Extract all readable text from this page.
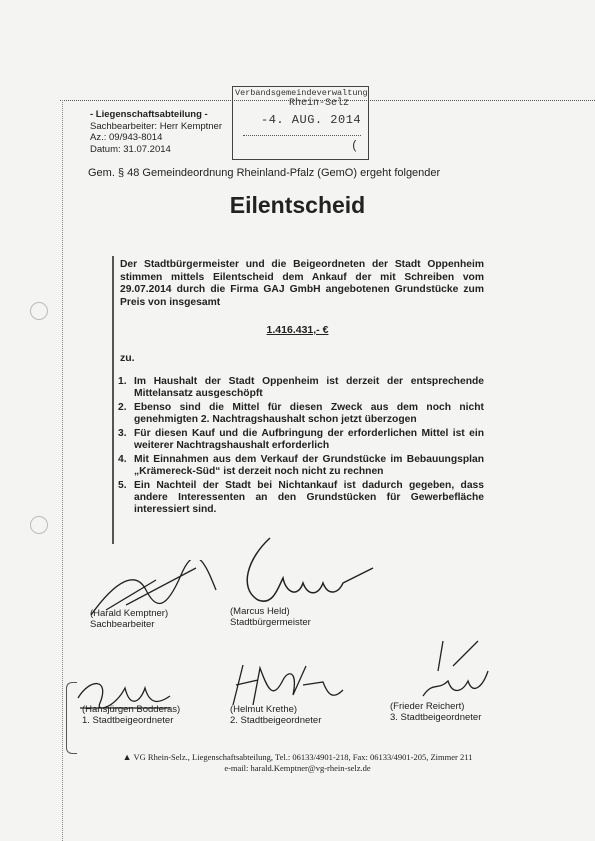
- Liegenschaftsabteilung -
Sachbearbeiter: Herr Kemptner
Az.: 09/943-8014
Datum: 31.07.2014
Verbandsgemeindeverwaltung
Rhein-Selz
-4. AUG. 2014
(
Gem. § 48 Gemeindeordnung Rheinland-Pfalz (GemO) ergeht folgender
Eilentscheid
Der Stadtbürgermeister und die Beigeordneten der Stadt Oppenheim stimmen mittels Eilentscheid dem Ankauf der mit Schreiben vom 29.07.2014 durch die Firma GAJ GmbH angebotenen Grundstücke zum Preis von insgesamt
1.416.431,- €
zu.
1. Im Haushalt der Stadt Oppenheim ist derzeit der entsprechende Mittelansatz ausgeschöpft
2. Ebenso sind die Mittel für diesen Zweck aus dem noch nicht genehmigten 2. Nachtragshaushalt schon jetzt überzogen
3. Für diesen Kauf und die Aufbringung der erforderlichen Mittel ist ein weiterer Nachtragshaushalt erforderlich
4. Mit Einnahmen aus dem Verkauf der Grundstücke im Bebauungsplan „Krämereck-Süd“ ist derzeit noch nicht zu rechnen
5. Ein Nachteil der Stadt bei Nichtankauf ist dadurch gegeben, dass andere Interessenten an den Grundstücken für Gewerbefläche interessiert sind.
(Harald Kemptner)
Sachbearbeiter
(Marcus Held)
Stadtbürgermeister
(Hansjürgen Bodderas)
1. Stadtbeigeordneter
(Helmut Krethe)
2. Stadtbeigeordneter
(Frieder Reichert)
3. Stadtbeigeordneter
▲ VG Rhein-Selz., Liegenschaftsabteilung, Tel.: 06133/4901-218, Fax: 06133/4901-205, Zimmer 211
e-mail: harald.Kemptner@vg-rhein-selz.de
